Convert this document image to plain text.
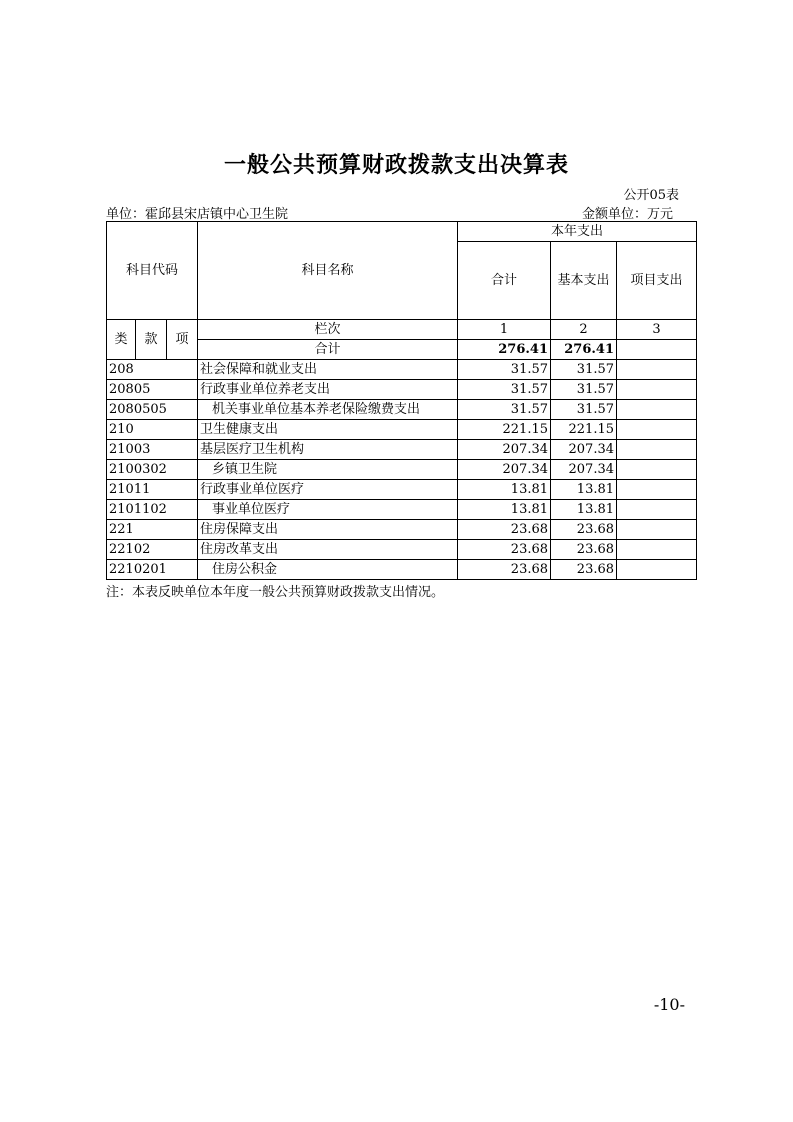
一般公共预算财政拨款支出决算表
公开05表
单位：霍邱县宋店镇中心卫生院	金额单位：万元
科目代码			科目名称	本年支出		
				合计	基本支出	项目支出
类	款	项	栏次	1	2	3
			合计	276.41	276.41	
208			社会保障和就业支出	31.57	31.57	
20805			行政事业单位养老支出	31.57	31.57	
2080505			机关事业单位基本养老保险缴费支出	31.57	31.57	
210			卫生健康支出	221.15	221.15	
21003			基层医疗卫生机构	207.34	207.34	
2100302			乡镇卫生院	207.34	207.34	
21011			行政事业单位医疗	13.81	13.81	
2101102			事业单位医疗	13.81	13.81	
221			住房保障支出	23.68	23.68	
22102			住房改革支出	23.68	23.68	
2210201			住房公积金	23.68	23.68	
注：本表反映单位本年度一般公共预算财政拨款支出情况。
-10-
